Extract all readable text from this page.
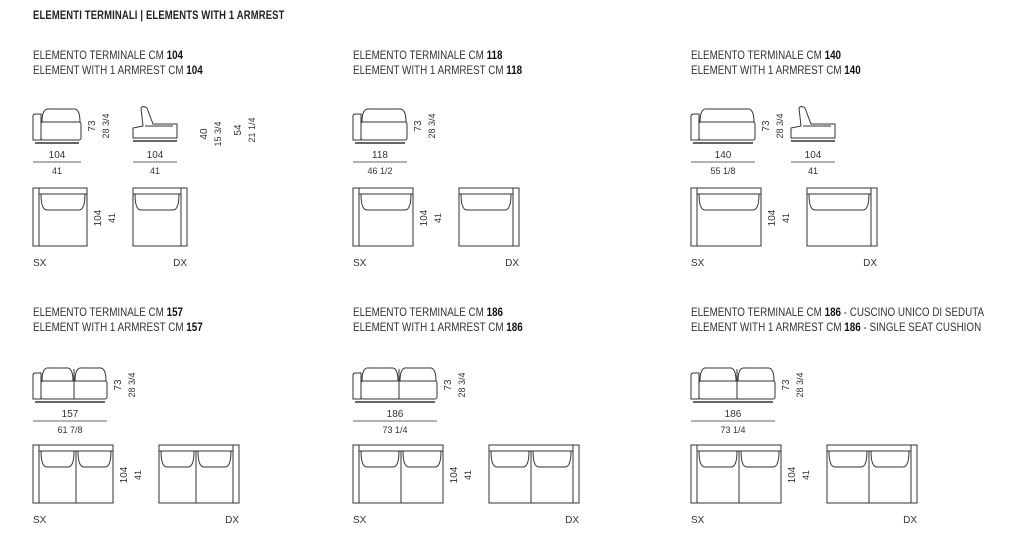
ELEMENTI TERMINALI | ELEMENTS WITH 1 ARMREST
ELEMENTO TERMINALE CM 104
ELEMENT WITH 1 ARMREST CM 104
73 28 3/4
104
41
104
41
40 15 3/4 54 21 1/4
104 41
SX	DX
ELEMENTO TERMINALE CM 118
ELEMENT WITH 1 ARMREST CM 118
73 28 3/4
118
46 1/2
104 41
SX	DX
ELEMENTO TERMINALE CM 140
ELEMENT WITH 1 ARMREST CM 140
73 28 3/4
140
55 1/8
104
41
104 41
SX	DX
ELEMENTO TERMINALE CM 157
ELEMENT WITH 1 ARMREST CM 157
73 28 3/4
157
61 7/8
104 41
SX	DX
ELEMENTO TERMINALE CM 186
ELEMENT WITH 1 ARMREST CM 186
73 28 3/4
186
73 1/4
104 41
SX	DX
ELEMENTO TERMINALE CM 186 - CUSCINO UNICO DI SEDUTA
ELEMENT WITH 1 ARMREST CM 186 - SINGLE SEAT CUSHION
73 28 3/4
186
73 1/4
104 41
SX	DX
